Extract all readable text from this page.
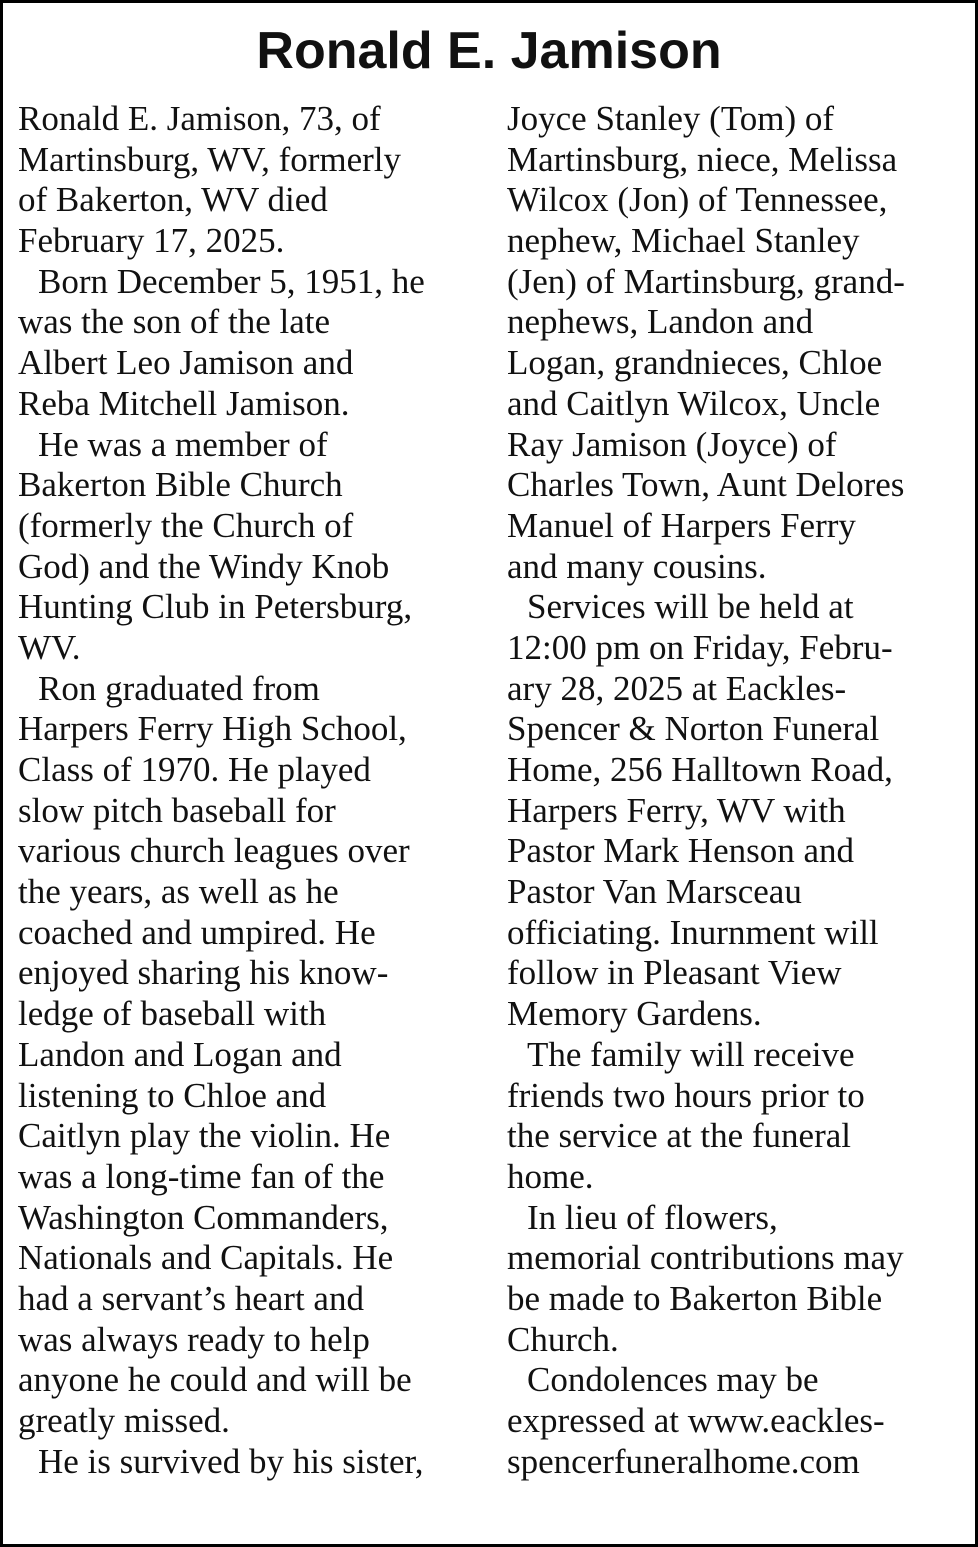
Ronald E. Jamison
Ronald E. Jamison, 73, of
Martinsburg, WV, formerly
of Bakerton, WV died
February 17, 2025.
Born December 5, 1951, he
was the son of the late
Albert Leo Jamison and
Reba Mitchell Jamison.
He was a member of
Bakerton Bible Church
(formerly the Church of
God) and the Windy Knob
Hunting Club in Petersburg,
WV.
Ron graduated from
Harpers Ferry High School,
Class of 1970. He played
slow pitch baseball for
various church leagues over
the years, as well as he
coached and umpired. He
enjoyed sharing his know-
ledge of baseball with
Landon and Logan and
listening to Chloe and
Caitlyn play the violin. He
was a long-time fan of the
Washington Commanders,
Nationals and Capitals. He
had a servant’s heart and
was always ready to help
anyone he could and will be
greatly missed.
He is survived by his sister,
Joyce Stanley (Tom) of
Martinsburg, niece, Melissa
Wilcox (Jon) of Tennessee,
nephew, Michael Stanley
(Jen) of Martinsburg, grand-
nephews, Landon and
Logan, grandnieces, Chloe
and Caitlyn Wilcox, Uncle
Ray Jamison (Joyce) of
Charles Town, Aunt Delores
Manuel of Harpers Ferry
and many cousins.
Services will be held at
12:00 pm on Friday, Febru-
ary 28, 2025 at Eackles-
Spencer & Norton Funeral
Home, 256 Halltown Road,
Harpers Ferry, WV with
Pastor Mark Henson and
Pastor Van Marsceau
officiating. Inurnment will
follow in Pleasant View
Memory Gardens.
The family will receive
friends two hours prior to
the service at the funeral
home.
In lieu of flowers,
memorial contributions may
be made to Bakerton Bible
Church.
Condolences may be
expressed at www.eackles-
spencerfuneralhome.com
